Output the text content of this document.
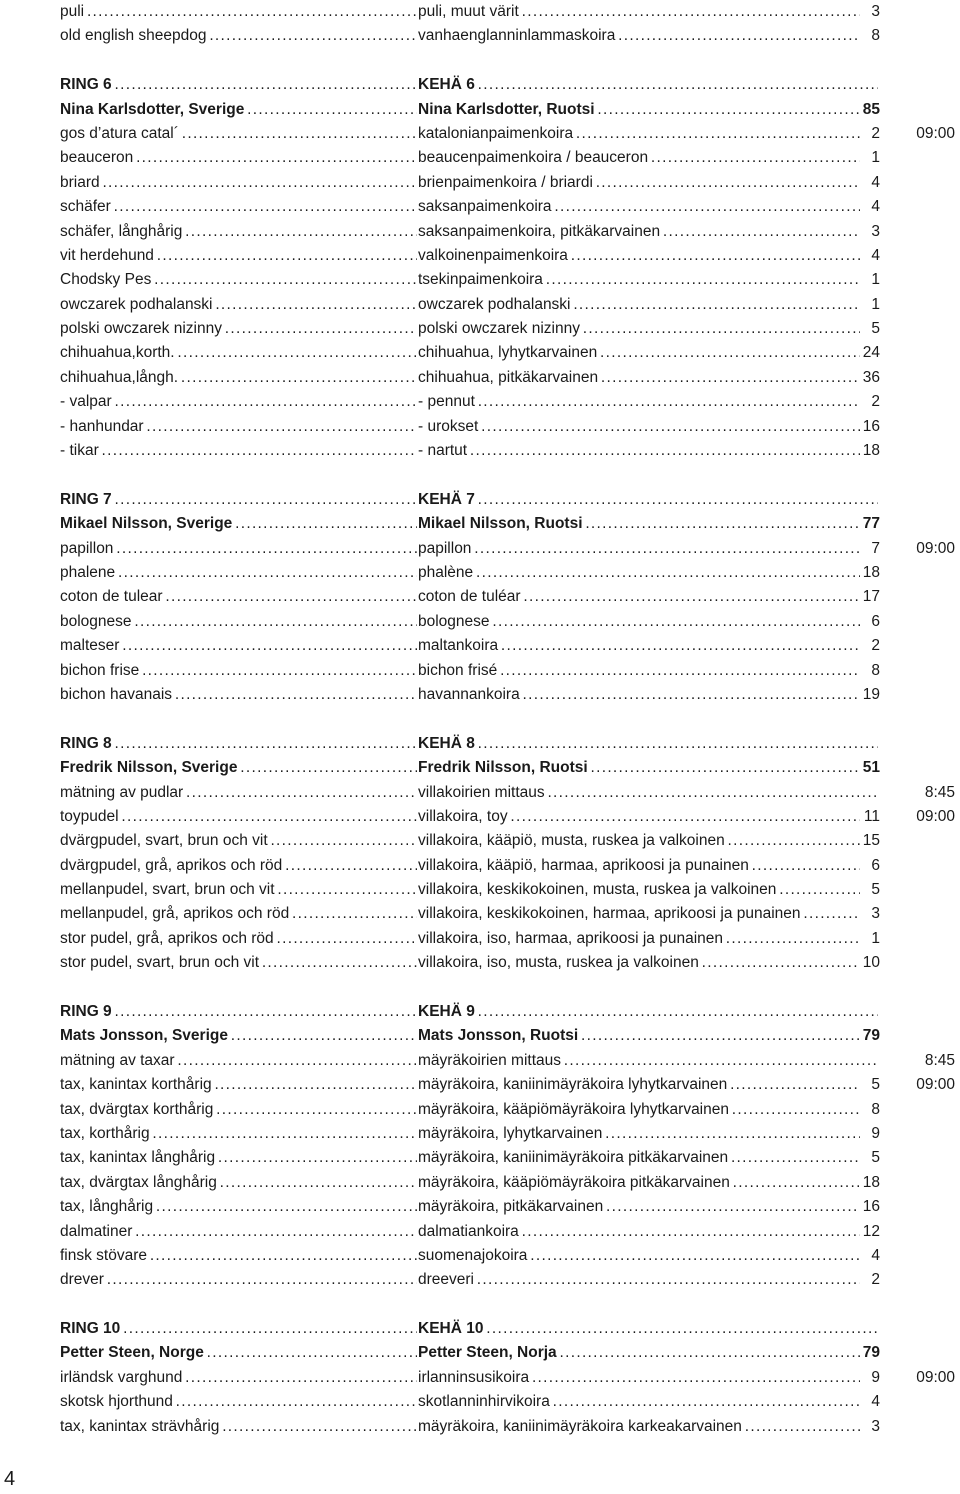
puli . . .	puli, muut värit . . .	3
old english sheepdog . . .	vanhaenglanninlammaskoira . . .	8
RING 6 . . .	KEHÄ 6 . . .
Nina Karlsdotter, Sverige . . .	Nina Karlsdotter, Ruotsi . . .	85
gos d’atura catal´ . . .	katalonianpaimenkoira . . .	2	09:00
beauceron . . .	beaucenpaimenkoira / beauceron . . .	1
briard . . .	brienpaimenkoira / briardi . . .	4
schäfer . . .	saksanpaimenkoira . . .	4
schäfer, långhårig . . .	saksanpaimenkoira, pitkäkarvainen . . .	3
vit herdehund . . .	valkoinenpaimenkoira . . .	4
Chodsky Pes . . .	tsekinpaimenkoira . . .	1
owczarek podhalanski . . .	owczarek podhalanski . . .	1
polski owczarek nizinny . . .	polski owczarek nizinny . . .	5
chihuahua,korth. . . .	chihuahua, lyhytkarvainen . . .	24
chihuahua,långh. . . .	chihuahua, pitkäkarvainen . . .	36
- valpar . . .	- pennut . . .	2
- hanhundar . . .	- urokset . . .	16
- tikar . . .	- nartut . . .	18
RING 7 . . .	KEHÄ 7 . . .
Mikael Nilsson, Sverige . . .	Mikael Nilsson, Ruotsi . . .	77
papillon . . .	papillon . . .	7	09:00
phalene . . .	phalène . . .	18
coton de tulear . . .	coton de tuléar . . .	17
bolognese . . .	bolognese . . .	6
malteser . . .	maltankoira . . .	2
bichon frise . . .	bichon frisé . . .	8
bichon havanais . . .	havannankoira . . .	19
RING 8 . . .	KEHÄ 8 . . .
Fredrik Nilsson, Sverige . . .	Fredrik Nilsson, Ruotsi . . .	51
mätning av pudlar . . .	villakoirien mittaus . . .	8:45
toypudel . . .	villakoira, toy . . .	11	09:00
dvärgpudel, svart, brun och vit . . .	villakoira, kääpiö, musta, ruskea ja valkoinen . . .	15
dvärgpudel, grå, aprikos och röd . . .	villakoira, kääpiö, harmaa, aprikoosi ja punainen . . .	6
mellanpudel, svart, brun och vit . . .	villakoira, keskikokoinen, musta, ruskea ja valkoinen . . .	5
mellanpudel, grå, aprikos och röd . . .	villakoira, keskikokoinen, harmaa, aprikoosi ja punainen . . .	3
stor pudel, grå, aprikos och röd . . .	villakoira, iso, harmaa, aprikoosi ja punainen . . .	1
stor pudel, svart, brun och vit . . .	villakoira, iso, musta, ruskea ja valkoinen . . .	10
RING 9 . . .	KEHÄ 9 . . .
Mats Jonsson, Sverige . . .	Mats Jonsson, Ruotsi . . .	79
mätning av taxar . . .	mäyräkoirien mittaus . . .	8:45
tax, kanintax korthårig . . .	mäyräkoira, kaniinimäyräkoira lyhytkarvainen . . .	5	09:00
tax, dvärgtax korthårig . . .	mäyräkoira, kääpiömäyräkoira lyhytkarvainen . . .	8
tax, korthårig . . .	mäyräkoira, lyhytkarvainen . . .	9
tax, kanintax långhårig . . .	mäyräkoira, kaniinimäyräkoira pitkäkarvainen . . .	5
tax, dvärgtax långhårig . . .	mäyräkoira, kääpiömäyräkoira pitkäkarvainen . . .	18
tax, långhårig . . .	mäyräkoira, pitkäkarvainen . . .	16
dalmatiner . . .	dalmatiankoira . . .	12
finsk stövare . . .	suomenajokoira . . .	4
drever . . .	dreeveri . . .	2
RING 10 . . .	KEHÄ 10 . . .
Petter Steen, Norge . . .	Petter Steen, Norja . . .	79
irländsk varghund . . .	irlanninsusikoira . . .	9	09:00
skotsk hjorthund . . .	skotlanninhirvikoira . . .	4
tax, kanintax strävhårig . . .	mäyräkoira, kaniinimäyräkoira karkeakarvainen . . .	3
4
